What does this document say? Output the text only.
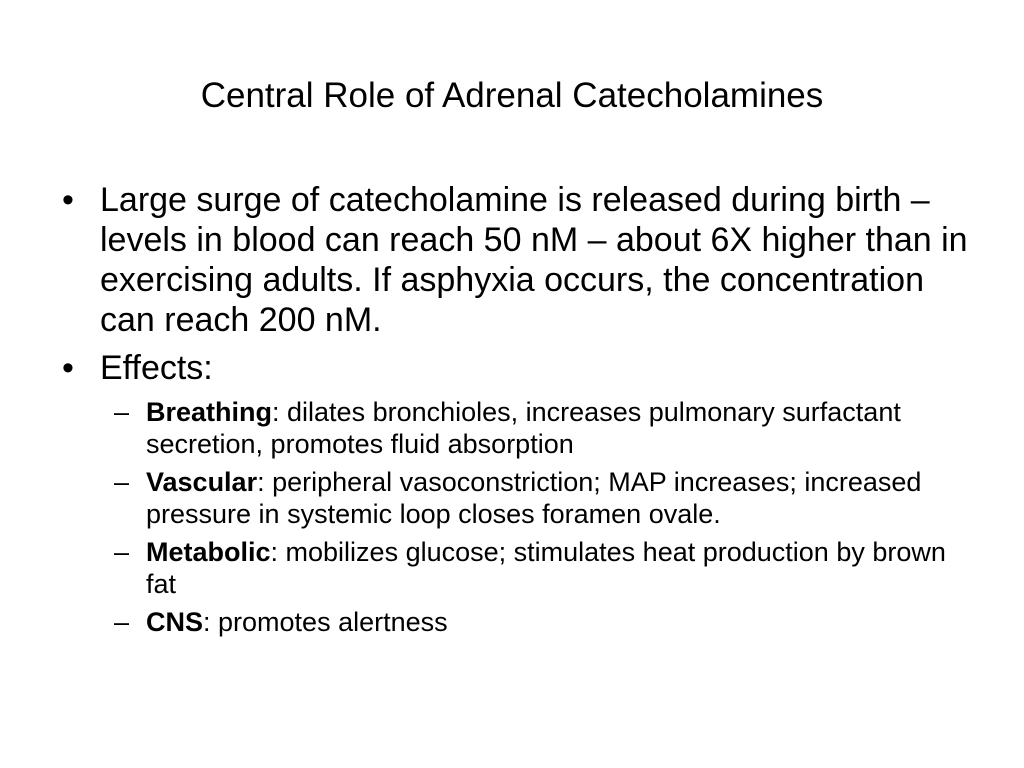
Central Role of Adrenal Catecholamines
• Large surge of catecholamine is released during birth – levels in blood can reach 50 nM – about 6X higher than in exercising adults. If asphyxia occurs, the concentration can reach 200 nM.
• Effects:
– Breathing: dilates bronchioles, increases pulmonary surfactant secretion, promotes fluid absorption
– Vascular: peripheral vasoconstriction; MAP increases; increased pressure in systemic loop closes foramen ovale.
– Metabolic: mobilizes glucose; stimulates heat production by brown fat
– CNS: promotes alertness
